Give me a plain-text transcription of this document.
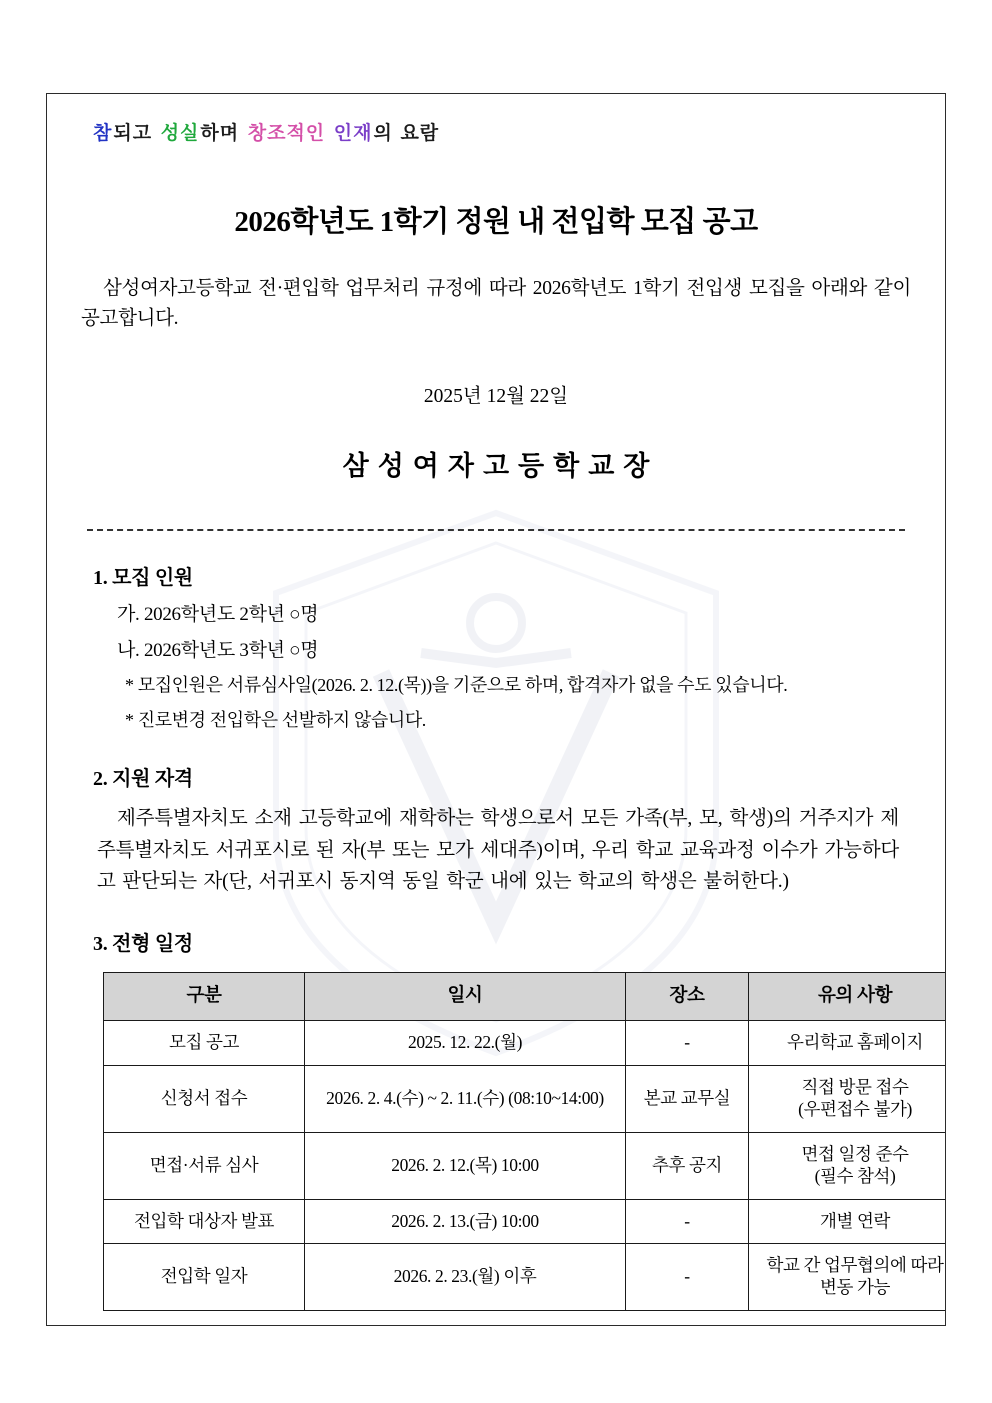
참되고 성실하며 창조적인 인재의 요람
2026학년도 1학기 정원 내 전입학 모집 공고

삼성여자고등학교 전·편입학 업무처리 규정에 따라 2026학년도 1학기 전입생 모집을 아래와 같이 공고합니다.

2025년 12월 22일
삼성여자고등학교장
1. 모집 인원
가. 2026학년도 2학년 ○명
나. 2026학년도 3학년 ○명
* 모집인원은 서류심사일(2026. 2. 12.(목))을 기준으로 하며, 합격자가 없을 수도 있습니다.
* 진로변경 전입학은 선발하지 않습니다.
2. 지원 자격

제주특별자치도 소재 고등학교에 재학하는 학생으로서 모든 가족(부, 모, 학생)의 거주지가 제주특별자치도 서귀포시로 된 자(부 또는 모가 세대주)이며, 우리 학교 교육과정 이수가 가능하다고 판단되는 자(단, 서귀포시 동지역 동일 학군 내에 있는 학교의 학생은 불허한다.)

3. 전형 일정
구분	일시	장소	유의 사항
모집 공고	2025. 12. 22.(월)	-	우리학교 홈페이지

신청서 접수	2026. 2. 4.(수) ~ 2. 11.(수) (08:10~14:00)	본교 교무실	직접 방문 접수
(우편접수 불가)

면접·서류 심사	2026. 2. 12.(목) 10:00	추후 공지	면접 일정 준수
(필수 참석)

전입학 대상자 발표	2026. 2. 13.(금) 10:00	-	개별 연락

전입학 일자	2026. 2. 23.(월) 이후	-	학교 간 업무협의에 따라
변동 가능
